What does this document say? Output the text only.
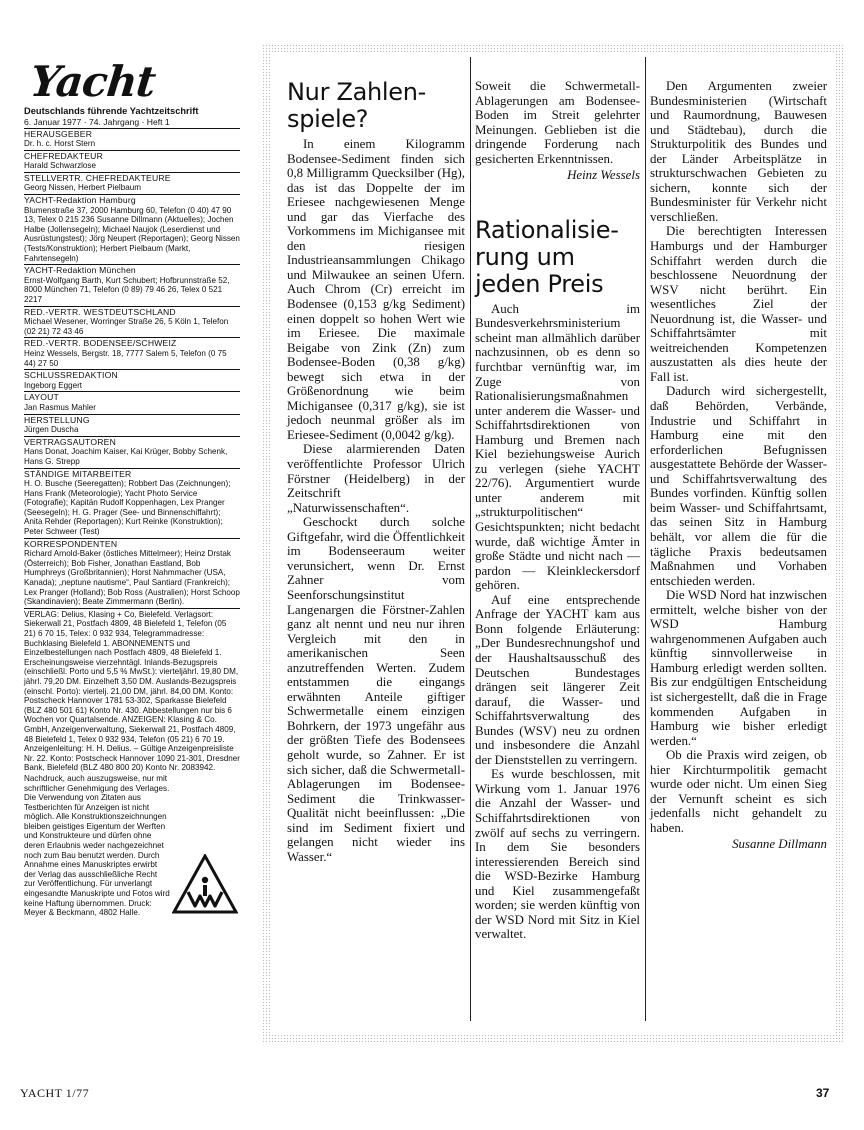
Yacht
Deutschlands führende Yachtzeitschrift
6. Januar 1977 · 74. Jahrgang · Heft 1
HERAUSGEBER
Dr. h. c. Horst Stern
CHEFREDAKTEUR
Harald Schwarzlose
STELLVERTR. CHEFREDAKTEURE
Georg Nissen, Herbert Pielbaum
YACHT-Redaktion Hamburg
Blumenstraße 37, 2000 Hamburg 60, Telefon (0 40) 47 90 13, Telex 0 215 236 Susanne Dillmann (Aktuelles); Jochen Halbe (Jollensegeln); Michael Naujok (Leserdienst und Ausrüstungstest); Jörg Neupert (Reportagen); Georg Nissen (Tests/Konstruktion); Herbert Pielbaum (Markt, Fahrtensegeln)
YACHT-Redaktion München
Ernst-Wolfgang Barth, Kurt Schubert; Hofbrunnstraße 52, 8000 München 71, Telefon (0 89) 79 46 26, Telex 0 521 2217
RED.-VERTR. WESTDEUTSCHLAND
Michael Wesener, Worringer Straße 26, 5 Köln 1, Telefon (02 21) 72 43 46
RED.-VERTR. BODENSEE/SCHWEIZ
Heinz Wessels, Bergstr. 18, 7777 Salem 5, Telefon (0 75 44) 27 50
SCHLUSSREDAKTION
Ingeborg Eggert
LAYOUT
Jan Rasmus Mahler
HERSTELLUNG
Jürgen Duscha
VERTRAGSAUTOREN
Hans Donat, Joachim Kaiser, Kai Krüger, Bobby Schenk, Hans G. Strepp
STÄNDIGE MITARBEITER
H. O. Busche (Seeregatten); Robbert Das (Zeichnungen); Hans Frank (Meteorologie); Yacht Photo Service (Fotografie); Kapitän Rudolf Koppenhagen, Lex Pranger (Seesegeln); H. G. Prager (See- und Binnenschiffahrt); Anita Rehder (Reportagen); Kurt Reinke (Konstruktion); Peter Schweer (Test)
KORRESPONDENTEN
Richard Arnold-Baker (östliches Mittelmeer); Heinz Drstak (Österreich); Bob Fisher, Jonathan Eastland, Bob Humphreys (Großbritannien); Horst Nahmmacher (USA, Kanada); „neptune nautisme“, Paul Santiard (Frankreich); Lex Pranger (Holland); Bob Ross (Australien); Horst Schoop (Skandinavien); Beate Zimmermann (Berlin).
VERLAG: Delius, Klasing + Co, Bielefeld. Verlagsort: Siekerwall 21, Postfach 4809, 48 Bielefeld 1, Telefon (05 21) 6 70 15, Telex: 0 932 934, Telegrammadresse: Buchklasing Bielefeld 1. ABONNEMENTS und Einzelbestellungen nach Postfach 4809, 48 Bielefeld 1. Erscheinungsweise vierzehntägl. Inlands-Bezugspreis (einschließl. Porto und 5,5 % MwSt.): vierteljährl. 19,80 DM, jährl. 79,20 DM. Einzelheft 3,50 DM. Auslands-Bezugspreis (einschl. Porto): viertelj. 21,00 DM, jährl. 84,00 DM. Konto: Postscheck Hannover 1781 53-302, Sparkasse Bielefeld (BLZ 480 501 61) Konto Nr. 430. Abbestellungen nur bis 6 Wochen vor Quartalsende. ANZEIGEN: Klasing & Co. GmbH, Anzeigenverwaltung, Siekerwall 21, Postfach 4809, 48 Bielefeld 1, Telex 0 932 934, Telefon (05 21) 6 70 19. Anzeigenleitung: H. H. Delius. – Gültige Anzeigenpreisliste Nr. 22. Konto: Postscheck Hannover 1090 21-301, Dresdner Bank, Bielefeld (BLZ 480 800 20) Konto Nr. 2083942.
Nachdruck, auch auszugsweise, nur mit schriftlicher Genehmigung des Verlages. Die Verwendung von Zitaten aus Testberichten für Anzeigen ist nicht möglich. Alle Konstruktionszeichnungen bleiben geistiges Eigentum der Werften und Konstrukteure und dürfen ohne deren Erlaubnis weder nachgezeichnet noch zum Bau benutzt werden. Durch Annahme eines Manuskriptes erwirbt der Verlag das ausschließliche Recht zur Veröffentlichung. Für unverlangt eingesandte Manuskripte und Fotos wird keine Haftung übernommen. Druck: Meyer & Beckmann, 4802 Halle.
Nur Zahlen-spiele?

In einem Kilogramm Bodensee-Sediment finden sich 0,8 Milligramm Quecksilber (Hg), das ist das Doppelte der im Eriesee nachgewiesenen Menge und gar das Vierfache des Vorkommens im Michigansee mit den riesigen Industrieansammlungen Chikago und Milwaukee an seinen Ufern. Auch Chrom (Cr) erreicht im Bodensee (0,153 g/kg Sediment) einen doppelt so hohen Wert wie im Eriesee. Die maximale Beigabe von Zink (Zn) zum Bodensee-Boden (0,38 g/kg) bewegt sich etwa in der Größenordnung wie beim Michigansee (0,317 g/kg), sie ist jedoch neunmal größer als im Eriesee-Sediment (0,0042 g/kg).

Diese alarmierenden Daten veröffentlichte Professor Ulrich Förstner (Heidelberg) in der Zeitschrift „Naturwissenschaften“.

Geschockt durch solche Giftgefahr, wird die Öffentlichkeit im Bodenseeraum weiter verunsichert, wenn Dr. Ernst Zahner vom Seenforschungsinstitut Langenargen die Förstner-Zahlen ganz alt nennt und neu nur ihren Vergleich mit den in amerikanischen Seen anzutreffenden Werten. Zudem entstammen die eingangs erwähnten Anteile giftiger Schwermetalle einem einzigen Bohrkern, der 1973 ungefähr aus der größten Tiefe des Bodensees geholt wurde, so Zahner. Er ist sich sicher, daß die Schwermetall-Ablagerungen im Bodensee-Sediment die Trinkwasser-Qualität nicht beeinflussen: „Die sind im Sediment fixiert und gelangen nicht wieder ins Wasser.“

Soweit die Schwermetall-Ablagerungen am Bodensee-Boden im Streit gelehrter Meinungen. Geblieben ist die dringende Forderung nach gesicherten Erkenntnissen.

Heinz Wessels
Rationalisie-rung um jeden Preis

Auch im Bundesverkehrsministerium scheint man allmählich darüber nachzusinnen, ob es denn so furchtbar vernünftig war, im Zuge von Rationalisierungsmaßnahmen unter anderem die Wasser- und Schiffahrtsdirektionen von Hamburg und Bremen nach Kiel beziehungsweise Aurich zu verlegen (siehe YACHT 22/76). Argumentiert wurde unter anderem mit „strukturpolitischen“ Gesichtspunkten; nicht bedacht wurde, daß wichtige Ämter in große Städte und nicht nach — pardon — Kleinkleckersdorf gehören.

Auf eine entsprechende Anfrage der YACHT kam aus Bonn folgende Erläuterung: „Der Bundesrechnungshof und der Haushaltsausschuß des Deutschen Bundestages drängen seit längerer Zeit darauf, die Wasser- und Schiffahrtsverwaltung des Bundes (WSV) neu zu ordnen und insbesondere die Anzahl der Dienststellen zu verringern.

Es wurde beschlossen, mit Wirkung vom 1. Januar 1976 die Anzahl der Wasser- und Schiffahrtsdirektionen von zwölf auf sechs zu verringern. In dem Sie besonders interessierenden Bereich sind die WSD-Bezirke Hamburg und Kiel zusammengefaßt worden; sie werden künftig von der WSD Nord mit Sitz in Kiel verwaltet.

Den Argumenten zweier Bundesministerien (Wirtschaft und Raumordnung, Bauwesen und Städtebau), durch die Strukturpolitik des Bundes und der Länder Arbeitsplätze in strukturschwachen Gebieten zu sichern, konnte sich der Bundesminister für Verkehr nicht verschließen.

Die berechtigten Interessen Hamburgs und der Hamburger Schiffahrt werden durch die beschlossene Neuordnung der WSV nicht berührt. Ein wesentliches Ziel der Neuordnung ist, die Wasser- und Schiffahrtsämter mit weitreichenden Kompetenzen auszustatten als dies heute der Fall ist.

Dadurch wird sichergestellt, daß Behörden, Verbände, Industrie und Schiffahrt in Hamburg eine mit den erforderlichen Befugnissen ausgestattete Behörde der Wasser- und Schiffahrtsverwaltung des Bundes vorfinden. Künftig sollen beim Wasser- und Schiffahrtsamt, das seinen Sitz in Hamburg behält, vor allem die für die tägliche Praxis bedeutsamen Maßnahmen und Vorhaben entschieden werden.

Die WSD Nord hat inzwischen ermittelt, welche bisher von der WSD Hamburg wahrgenommenen Aufgaben auch künftig sinnvollerweise in Hamburg erledigt werden sollten. Bis zur endgültigen Entscheidung ist sichergestellt, daß die in Frage kommenden Aufgaben in Hamburg wie bisher erledigt werden.“

Ob die Praxis wird zeigen, ob hier Kirchturmpolitik gemacht wurde oder nicht. Um einen Sieg der Vernunft scheint es sich jedenfalls nicht gehandelt zu haben.

Susanne Dillmann
YACHT 1/77	37
